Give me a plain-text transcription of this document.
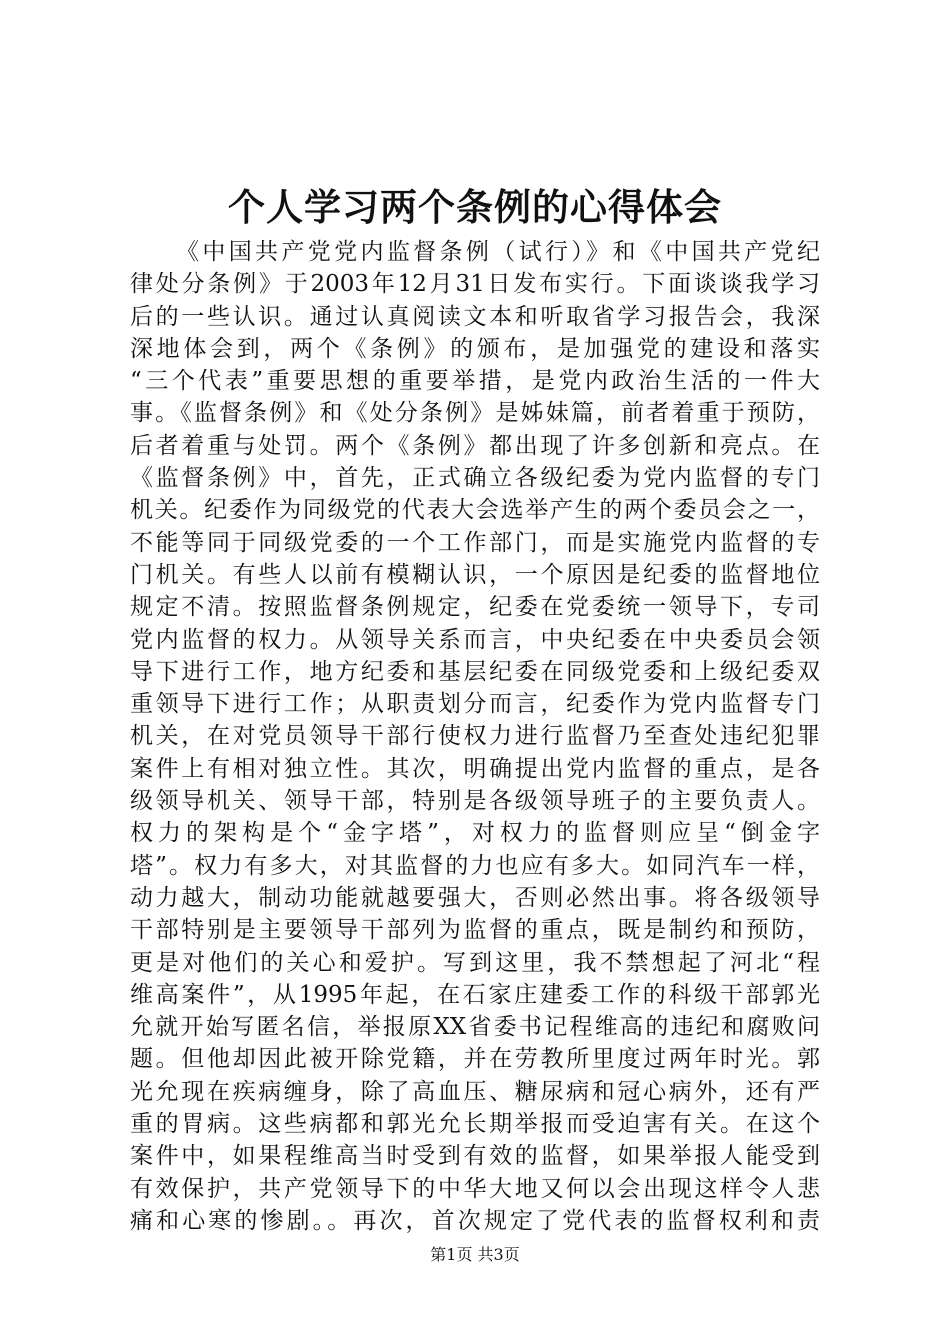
个人学习两个条例的心得体会
《中国共产党党内监督条例（试行）》和《中国共产党纪
律处分条例》于2003年12月31日发布实行。下面谈谈我学习
后的一些认识。通过认真阅读文本和听取省学习报告会，我深
深地体会到，两个《条例》的颁布，是加强党的建设和落实
“三个代表”重要思想的重要举措，是党内政治生活的一件大
事。《监督条例》和《处分条例》是姊妹篇，前者着重于预防，
后者着重与处罚。两个《条例》都出现了许多创新和亮点。在
《监督条例》中，首先，正式确立各级纪委为党内监督的专门
机关。纪委作为同级党的代表大会选举产生的两个委员会之一，
不能等同于同级党委的一个工作部门，而是实施党内监督的专
门机关。有些人以前有模糊认识，一个原因是纪委的监督地位
规定不清。按照监督条例规定，纪委在党委统一领导下，专司
党内监督的权力。从领导关系而言，中央纪委在中央委员会领
导下进行工作，地方纪委和基层纪委在同级党委和上级纪委双
重领导下进行工作；从职责划分而言，纪委作为党内监督专门
机关，在对党员领导干部行使权力进行监督乃至查处违纪犯罪
案件上有相对独立性。其次，明确提出党内监督的重点，是各
级领导机关、领导干部，特别是各级领导班子的主要负责人。
权力的架构是个“金字塔”，对权力的监督则应呈“倒金字
塔”。权力有多大，对其监督的力也应有多大。如同汽车一样，
动力越大，制动功能就越要强大，否则必然出事。将各级领导
干部特别是主要领导干部列为监督的重点，既是制约和预防，
更是对他们的关心和爱护。写到这里，我不禁想起了河北“程
维高案件”，从1995年起，在石家庄建委工作的科级干部郭光
允就开始写匿名信，举报原XX省委书记程维高的违纪和腐败问
题。但他却因此被开除党籍，并在劳教所里度过两年时光。郭
光允现在疾病缠身，除了高血压、糖尿病和冠心病外，还有严
重的胃病。这些病都和郭光允长期举报而受迫害有关。在这个
案件中，如果程维高当时受到有效的监督，如果举报人能受到
有效保护，共产党领导下的中华大地又何以会出现这样令人悲
痛和心寒的惨剧。。再次，首次规定了党代表的监督权利和责
第1页 共3页
